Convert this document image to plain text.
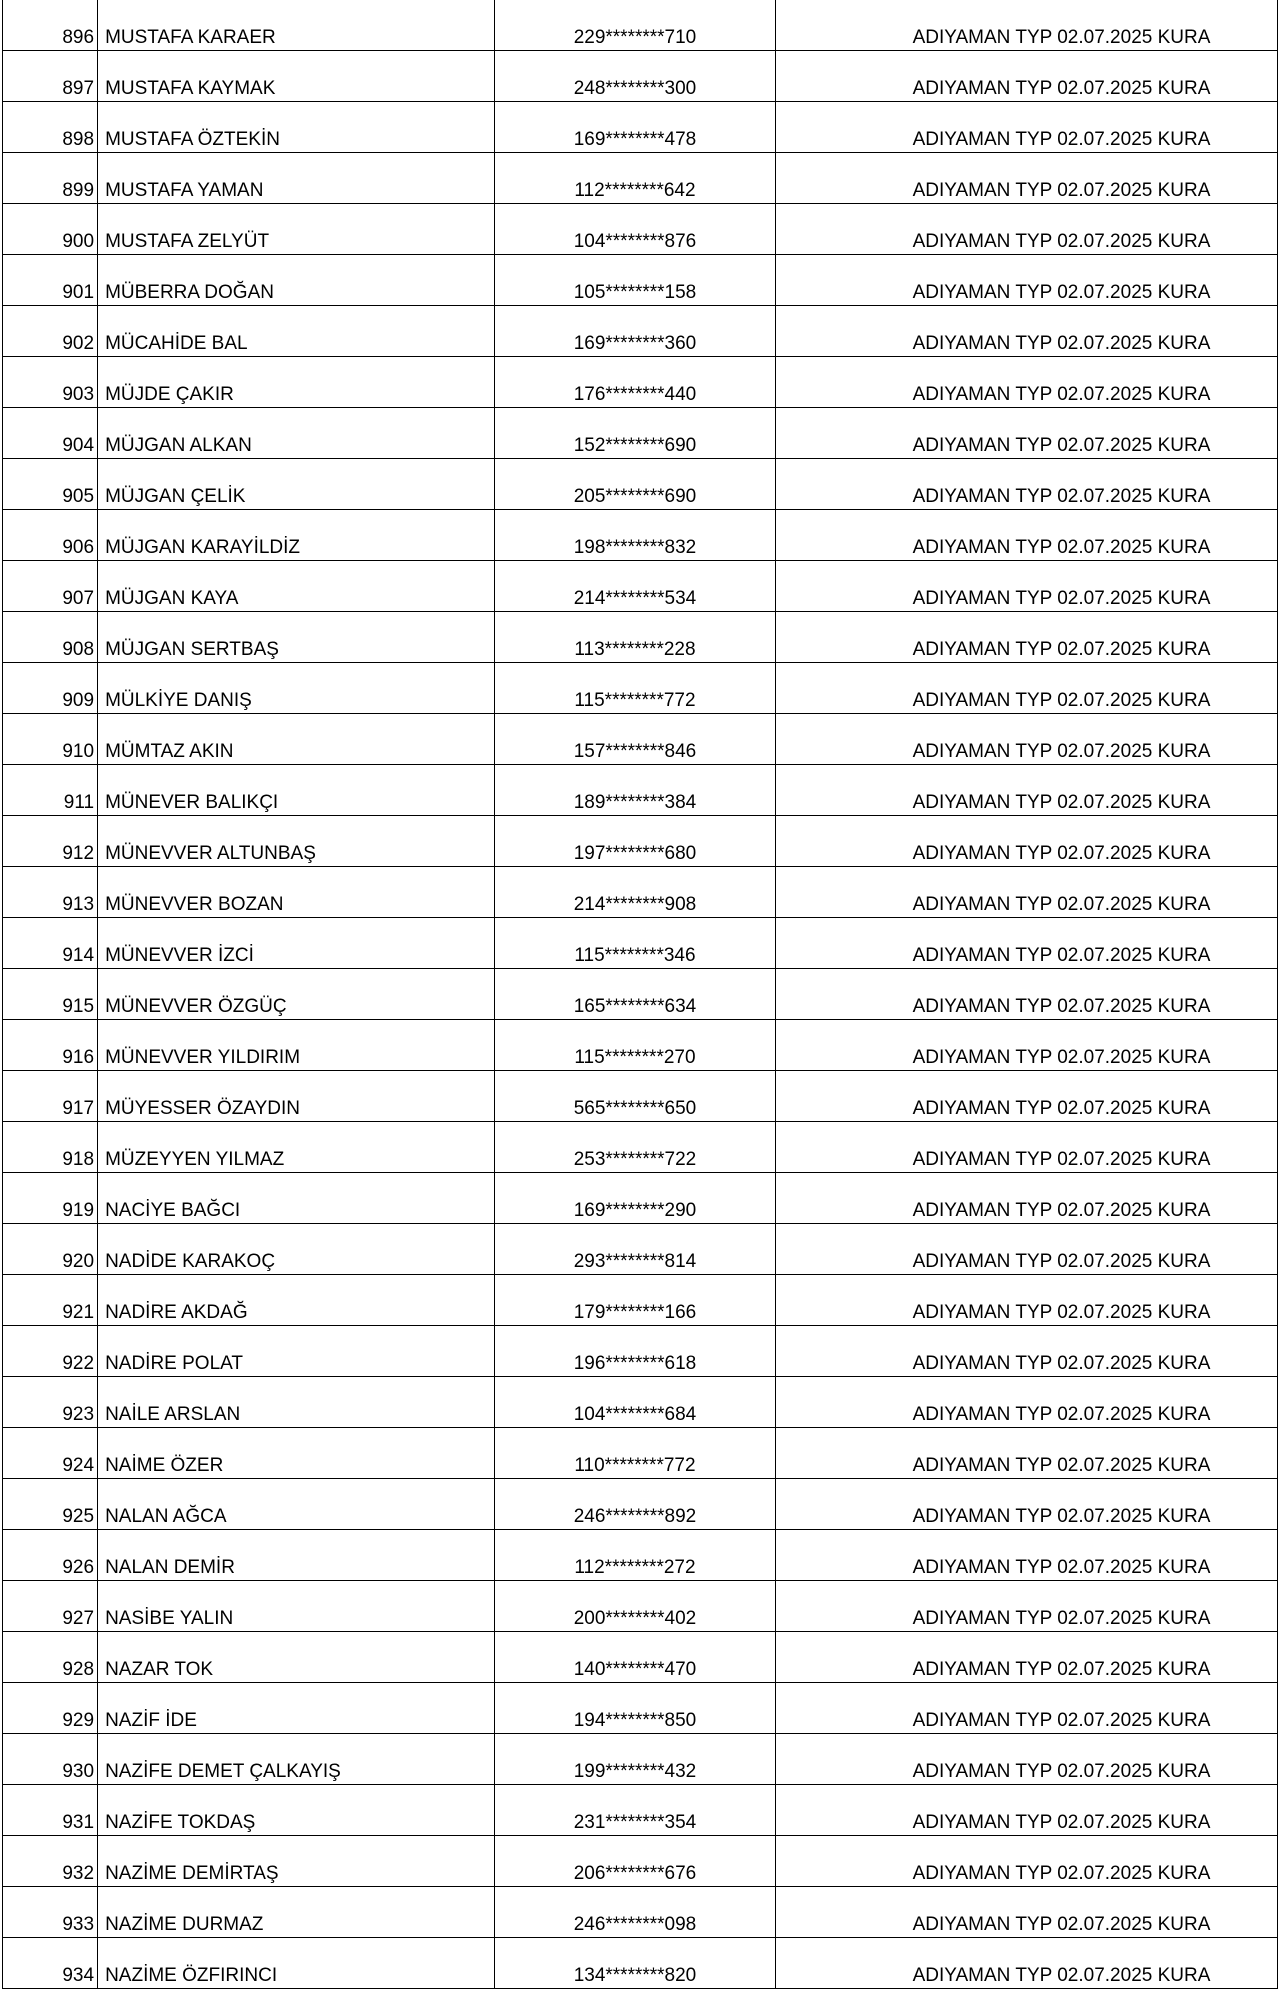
896	MUSTAFA KARAER	229********710	ADIYAMAN TYP 02.07.2025 KURA
897	MUSTAFA KAYMAK	248********300	ADIYAMAN TYP 02.07.2025 KURA
898	MUSTAFA ÖZTEKİN	169********478	ADIYAMAN TYP 02.07.2025 KURA
899	MUSTAFA YAMAN	112********642	ADIYAMAN TYP 02.07.2025 KURA
900	MUSTAFA ZELYÜT	104********876	ADIYAMAN TYP 02.07.2025 KURA
901	MÜBERRA DOĞAN	105********158	ADIYAMAN TYP 02.07.2025 KURA
902	MÜCAHİDE BAL	169********360	ADIYAMAN TYP 02.07.2025 KURA
903	MÜJDE ÇAKIR	176********440	ADIYAMAN TYP 02.07.2025 KURA
904	MÜJGAN ALKAN	152********690	ADIYAMAN TYP 02.07.2025 KURA
905	MÜJGAN ÇELİK	205********690	ADIYAMAN TYP 02.07.2025 KURA
906	MÜJGAN KARAYİLDİZ	198********832	ADIYAMAN TYP 02.07.2025 KURA
907	MÜJGAN KAYA	214********534	ADIYAMAN TYP 02.07.2025 KURA
908	MÜJGAN SERTBAŞ	113********228	ADIYAMAN TYP 02.07.2025 KURA
909	MÜLKİYE DANIŞ	115********772	ADIYAMAN TYP 02.07.2025 KURA
910	MÜMTAZ AKIN	157********846	ADIYAMAN TYP 02.07.2025 KURA
911	MÜNEVER BALIKÇI	189********384	ADIYAMAN TYP 02.07.2025 KURA
912	MÜNEVVER ALTUNBAŞ	197********680	ADIYAMAN TYP 02.07.2025 KURA
913	MÜNEVVER BOZAN	214********908	ADIYAMAN TYP 02.07.2025 KURA
914	MÜNEVVER İZCİ	115********346	ADIYAMAN TYP 02.07.2025 KURA
915	MÜNEVVER ÖZGÜÇ	165********634	ADIYAMAN TYP 02.07.2025 KURA
916	MÜNEVVER YILDIRIM	115********270	ADIYAMAN TYP 02.07.2025 KURA
917	MÜYESSER ÖZAYDIN	565********650	ADIYAMAN TYP 02.07.2025 KURA
918	MÜZEYYEN YILMAZ	253********722	ADIYAMAN TYP 02.07.2025 KURA
919	NACİYE BAĞCI	169********290	ADIYAMAN TYP 02.07.2025 KURA
920	NADİDE KARAKOÇ	293********814	ADIYAMAN TYP 02.07.2025 KURA
921	NADİRE AKDAĞ	179********166	ADIYAMAN TYP 02.07.2025 KURA
922	NADİRE POLAT	196********618	ADIYAMAN TYP 02.07.2025 KURA
923	NAİLE ARSLAN	104********684	ADIYAMAN TYP 02.07.2025 KURA
924	NAİME ÖZER	110********772	ADIYAMAN TYP 02.07.2025 KURA
925	NALAN AĞCA	246********892	ADIYAMAN TYP 02.07.2025 KURA
926	NALAN DEMİR	112********272	ADIYAMAN TYP 02.07.2025 KURA
927	NASİBE YALIN	200********402	ADIYAMAN TYP 02.07.2025 KURA
928	NAZAR TOK	140********470	ADIYAMAN TYP 02.07.2025 KURA
929	NAZİF İDE	194********850	ADIYAMAN TYP 02.07.2025 KURA
930	NAZİFE DEMET ÇALKAYIŞ	199********432	ADIYAMAN TYP 02.07.2025 KURA
931	NAZİFE TOKDAŞ	231********354	ADIYAMAN TYP 02.07.2025 KURA
932	NAZİME DEMİRTAŞ	206********676	ADIYAMAN TYP 02.07.2025 KURA
933	NAZİME DURMAZ	246********098	ADIYAMAN TYP 02.07.2025 KURA
934	NAZİME ÖZFIRINCI	134********820	ADIYAMAN TYP 02.07.2025 KURA
